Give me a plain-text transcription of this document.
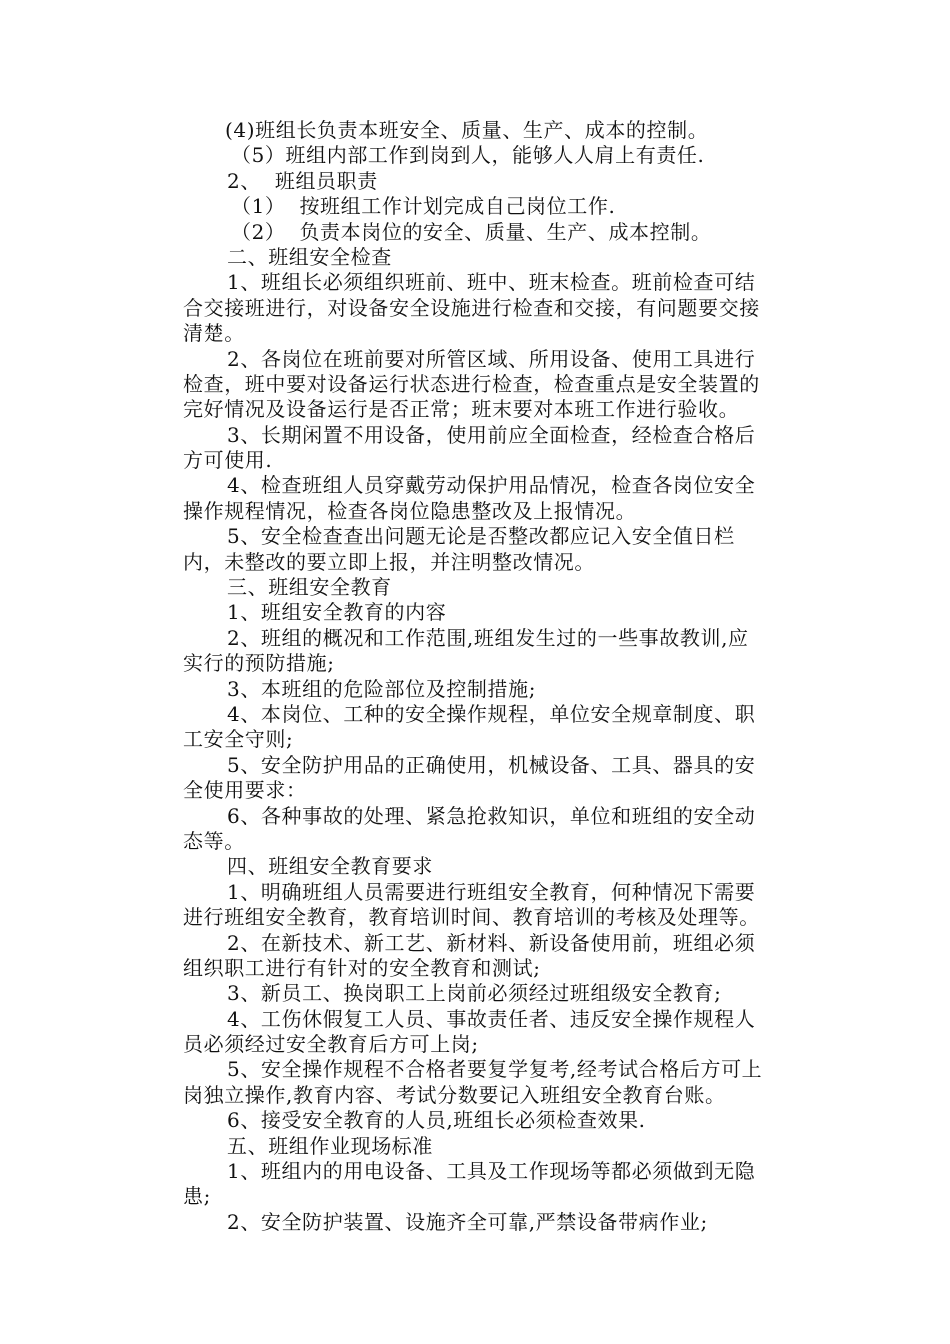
(4)班组长负责本班安全、质量、生产、成本的控制。
（5）班组内部工作到岗到人，能够人人肩上有责任.
2、  班组员职责
（1）  按班组工作计划完成自己岗位工作.
（2）  负责本岗位的安全、质量、生产、成本控制。
二、班组安全检查
1、班组长必须组织班前、班中、班末检查。班前检查可结
合交接班进行，对设备安全设施进行检查和交接，有问题要交接
清楚。
2、各岗位在班前要对所管区域、所用设备、使用工具进行
检查，班中要对设备运行状态进行检查，检查重点是安全装置的
完好情况及设备运行是否正常；班末要对本班工作进行验收。
3、长期闲置不用设备，使用前应全面检查，经检查合格后
方可使用.
4、检查班组人员穿戴劳动保护用品情况，检查各岗位安全
操作规程情况，检查各岗位隐患整改及上报情况。
5、安全检查查出问题无论是否整改都应记入安全值日栏
内，未整改的要立即上报，并注明整改情况。
三、班组安全教育
1、班组安全教育的内容
2、班组的概况和工作范围,班组发生过的一些事故教训,应
实行的预防措施;
3、本班组的危险部位及控制措施;
4、本岗位、工种的安全操作规程，单位安全规章制度、职
工安全守则;
5、安全防护用品的正确使用，机械设备、工具、器具的安
全使用要求：
6、各种事故的处理、紧急抢救知识，单位和班组的安全动
态等。
四、班组安全教育要求
1、明确班组人员需要进行班组安全教育，何种情况下需要
进行班组安全教育，教育培训时间、教育培训的考核及处理等。
2、在新技术、新工艺、新材料、新设备使用前，班组必须
组织职工进行有针对的安全教育和测试;
3、新员工、换岗职工上岗前必须经过班组级安全教育;
4、工伤休假复工人员、事故责任者、违反安全操作规程人
员必须经过安全教育后方可上岗;
5、安全操作规程不合格者要复学复考,经考试合格后方可上
岗独立操作,教育内容、考试分数要记入班组安全教育台账。
6、接受安全教育的人员,班组长必须检查效果.
五、班组作业现场标准
1、班组内的用电设备、工具及工作现场等都必须做到无隐
患;
2、安全防护装置、设施齐全可靠,严禁设备带病作业;
